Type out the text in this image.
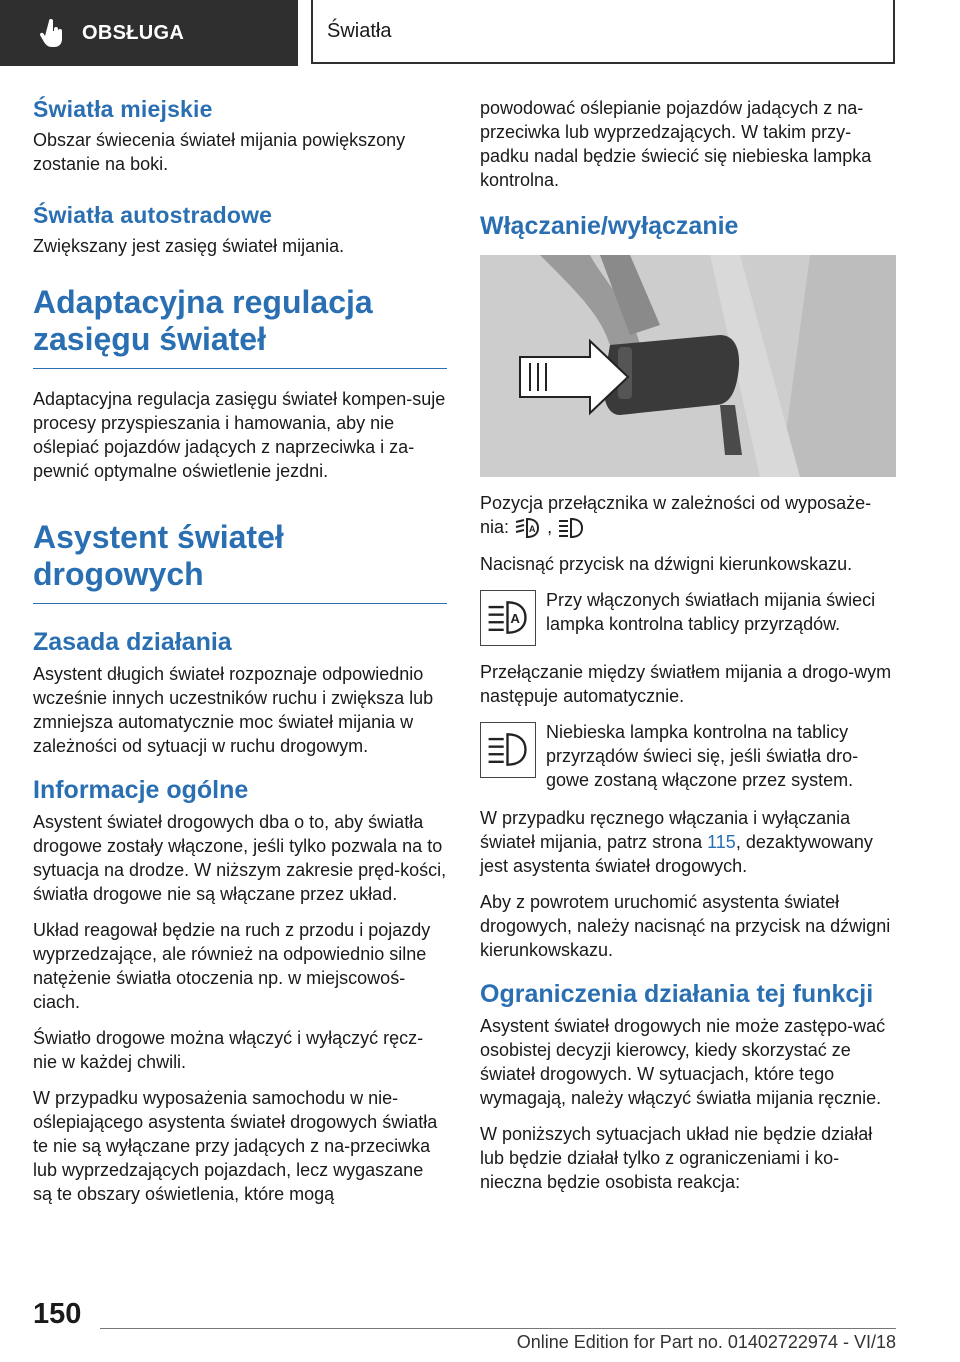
OBSŁUGA	Światła
Światła miejskie

Obszar świecenia świateł mijania powiększony zostanie na boki.

Światła autostradowe

Zwiększany jest zasięg świateł mijania.

Adaptacyjna regulacja
zasięgu świateł

Adaptacyjna regulacja zasięgu świateł kompen-suje procesy przyspieszania i hamowania, aby nie oślepiać pojazdów jadących z naprzeciwka i za-pewnić optymalne oświetlenie jezdni.

Asystent świateł
drogowych
Zasada działania

Asystent długich świateł rozpoznaje odpowiednio wcześnie innych uczestników ruchu i zwiększa lub zmniejsza automatycznie moc świateł mijania w zależności od sytuacji w ruchu drogowym.

Informacje ogólne

Asystent świateł drogowych dba o to, aby światła drogowe zostały włączone, jeśli tylko pozwala na to sytuacja na drodze. W niższym zakresie pręd-kości, światła drogowe nie są włączane przez układ.

Układ reagował będzie na ruch z przodu i pojazdy wyprzedzające, ale również na odpowiednio silne natężenie światła otoczenia np. w miejscowoś-ciach.

Światło drogowe można włączyć i wyłączyć ręcz-nie w każdej chwili.

W przypadku wyposażenia samochodu w nie-oślepiającego asystenta świateł drogowych światła te nie są wyłączane przy jadących z na-przeciwka lub wyprzedzających pojazdach, lecz wygaszane są te obszary oświetlenia, które mogą

powodować oślepianie pojazdów jadących z na-przeciwka lub wyprzedzających. W takim przy-padku nadal będzie świecić się niebieska lampka kontrolna.

Włączanie/wyłączanie

Pozycja przełącznika w zależności od wyposaże-nia: A ,

Nacisnąć przycisk na dźwigni kierunkowskazu.

A

Przy włączonych światłach mijania świeci lampka kontrolna tablicy przyrządów.

Przełączanie między światłem mijania a drogo-wym następuje automatycznie.

Niebieska lampka kontrolna na tablicy przyrządów świeci się, jeśli światła dro-gowe zostaną włączone przez system.

W przypadku ręcznego włączania i wyłączania świateł mijania, patrz strona 115, dezaktywowany jest asystenta świateł drogowych.

Aby z powrotem uruchomić asystenta świateł drogowych, należy nacisnąć na przycisk na dźwigni kierunkowskazu.

Ograniczenia działania tej funkcji

Asystent świateł drogowych nie może zastępo-wać osobistej decyzji kierowcy, kiedy skorzystać ze świateł drogowych. W sytuacjach, które tego wymagają, należy włączyć światła mijania ręcznie.

W poniższych sytuacjach układ nie będzie działał lub będzie działał tylko z ograniczeniami i ko-nieczna będzie osobista reakcja:

150
Online Edition for Part no. 01402722974 - VI/18
